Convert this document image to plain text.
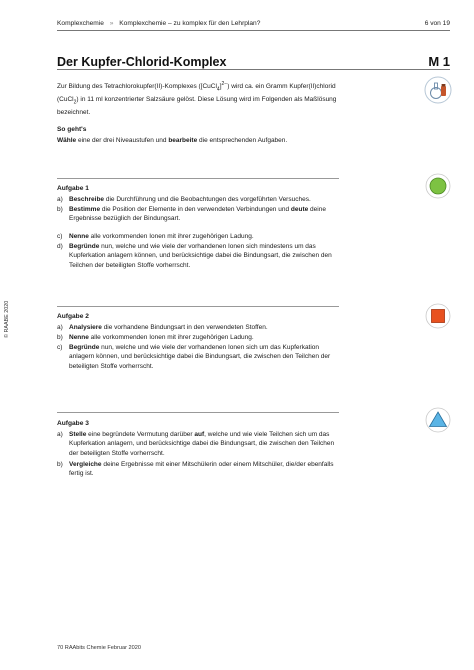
Komplexchemie » Komplexchemie – zu komplex für den Lehrplan?	6 von 19
Der Kupfer-Chlorid-Komplex	M 1
Zur Bildung des Tetrachlorokupfer(II)-Komplexes ([CuCl$_4$]$^{2-}$) wird ca. ein Gramm Kupfer(II)chlorid
(CuCl$_2$) in 11 ml konzentrierter Salzsäure gelöst. Diese Lösung wird im Folgenden als Maßlösung
bezeichnet.
So geht's
Wähle eine der drei Niveaustufen und bearbeite die entsprechenden Aufgaben.
Aufgabe 1
a) Beschreibe die Durchführung und die Beobachtungen des vorgeführten Versuches.
b) Bestimme die Position der Elemente in den verwendeten Verbindungen und deute deine Ergebnisse bezüglich der Bindungsart.
c)	Nenne alle vorkommenden Ionen mit ihrer zugehörigen Ladung.
d) Begründe nun, welche und wie viele der vorhandenen Ionen sich mindestens um das Kupferkation anlagern können, und berücksichtige dabei die Bindungsart, die zwischen den Teilchen der beteiligten Stoffe vorherrscht.
Aufgabe 2
a) Analysiere die vorhandene Bindungsart in den verwendeten Stoffen.
b) Nenne alle vorkommenden Ionen mit ihrer zugehörigen Ladung.
c)	Begründe nun, welche und wie viele der vorhandenen Ionen sich um das Kupferkation anlagern können, und berücksichtige dabei die Bindungsart, die zwischen den Teilchen der beteiligten Stoffe vorherrscht.
Aufgabe 3
a) Stelle eine begründete Vermutung darüber auf, welche und wie viele Teilchen sich um das Kupferkation anlagern, und berücksichtige dabei die Bindungsart, die zwischen den Teilchen der beteiligten Stoffe vorherrscht.
b) Vergleiche deine Ergebnisse mit einer Mitschülerin oder einem Mitschüler, die/der ebenfalls fertig ist.
© RAABE 2020
70 RAAbits Chemie Februar 2020
